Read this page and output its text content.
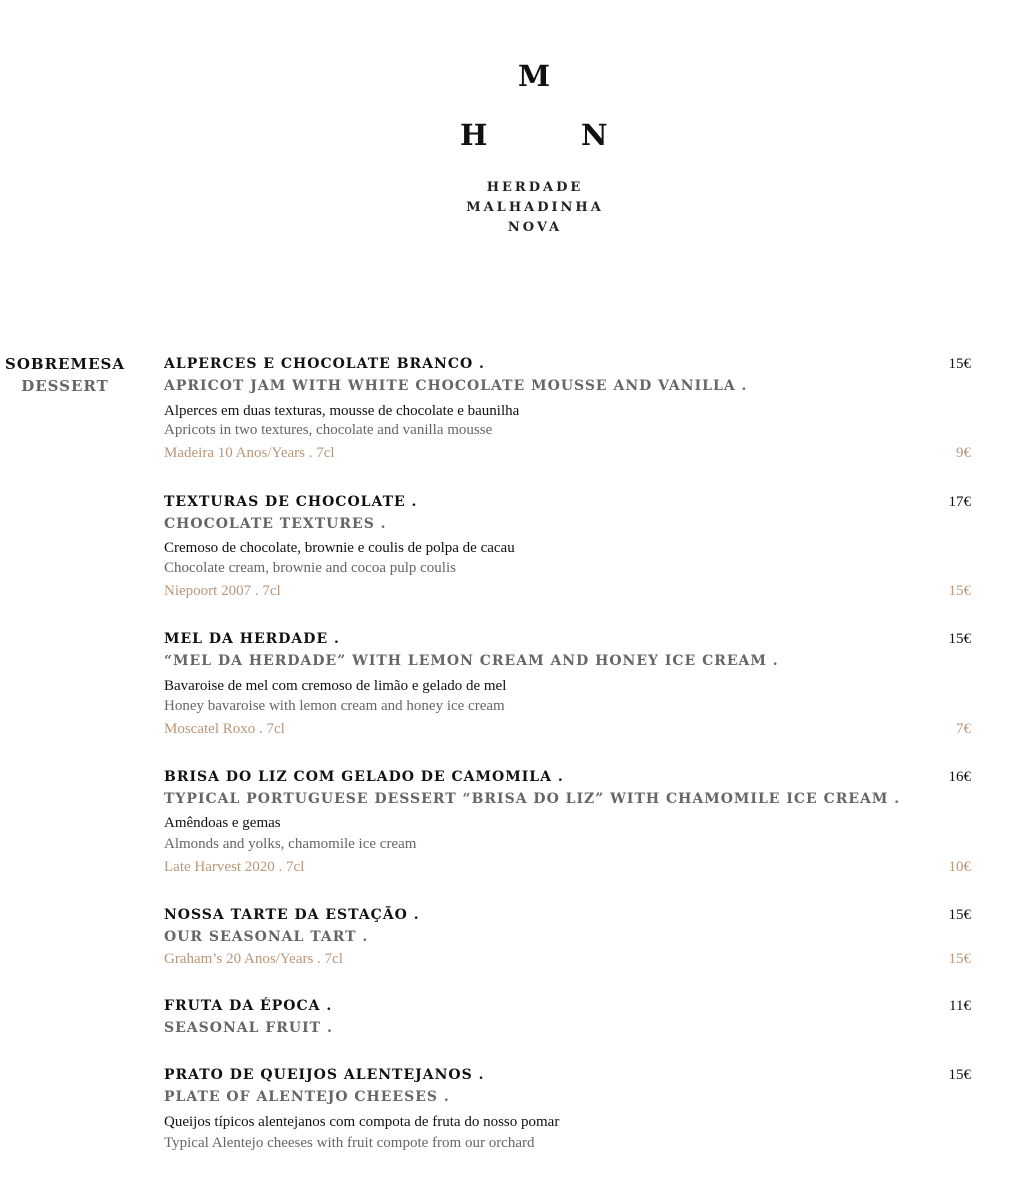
M
H	N
HERDADE
MALHADINHA
NOVA
SOBREMESA
DESSERT
ALPERCES E CHOCOLATE BRANCO .	15€
APRICOT JAM WITH WHITE CHOCOLATE MOUSSE AND VANILLA .
Alperces em duas texturas, mousse de chocolate e baunilha
Apricots in two textures, chocolate and vanilla mousse
Madeira 10 Anos/Years . 7cl	9€
TEXTURAS DE CHOCOLATE .	17€
CHOCOLATE TEXTURES .
Cremoso de chocolate, brownie e coulis de polpa de cacau
Chocolate cream, brownie and cocoa pulp coulis
Niepoort 2007 . 7cl	15€
MEL DA HERDADE .	15€
“MEL DA HERDADE” WITH LEMON CREAM AND HONEY ICE CREAM .
Bavaroise de mel com cremoso de limão e gelado de mel
Honey bavaroise with lemon cream and honey ice cream
Moscatel Roxo . 7cl	7€
BRISA DO LIZ COM GELADO DE CAMOMILA .	16€
TYPICAL PORTUGUESE DESSERT “BRISA DO LIZ” WITH CHAMOMILE ICE CREAM .
Amêndoas e gemas
Almonds and yolks, chamomile ice cream
Late Harvest 2020 . 7cl	10€
NOSSA TARTE DA ESTAÇÃO .	15€
OUR SEASONAL TART .
Graham’s 20 Anos/Years . 7cl	15€
FRUTA DA ÉPOCA .	11€
SEASONAL FRUIT .
PRATO DE QUEIJOS ALENTEJANOS .	15€
PLATE OF ALENTEJO CHEESES .
Queijos típicos alentejanos com compota de fruta do nosso pomar
Typical Alentejo cheeses with fruit compote from our orchard
